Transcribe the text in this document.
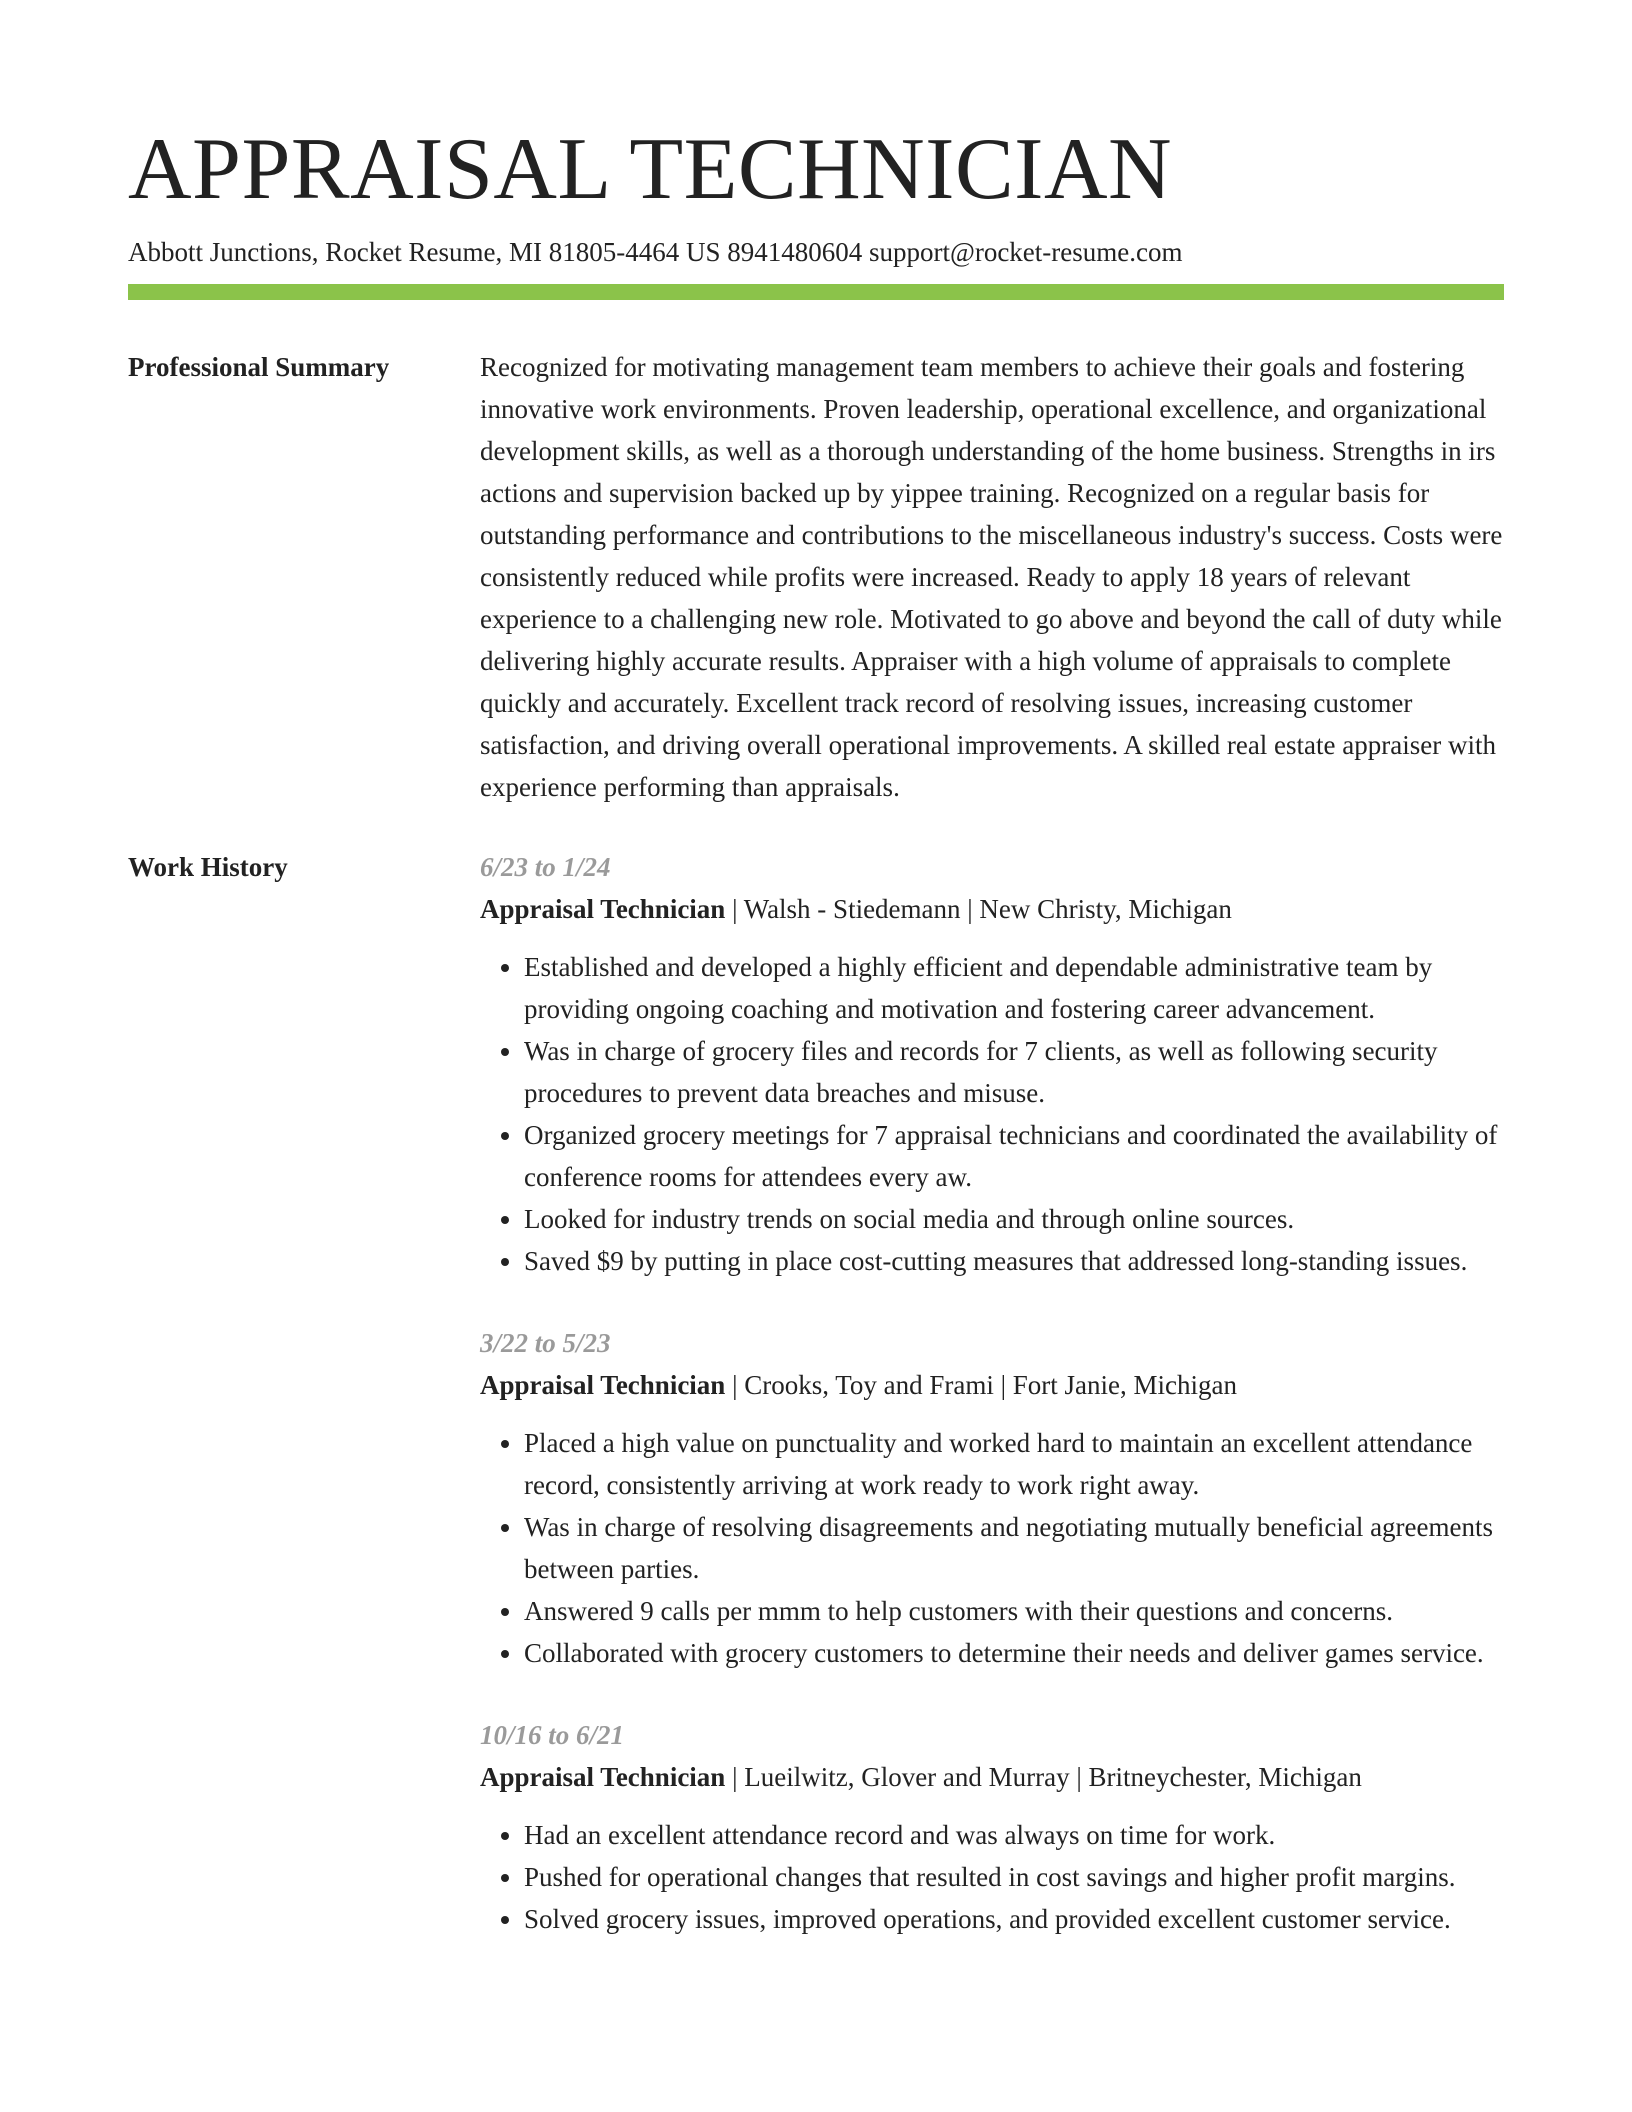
APPRAISAL TECHNICIAN
Abbott Junctions, Rocket Resume, MI 81805-4464 US 8941480604 support@rocket-resume.com
Professional Summary	Recognized for motivating management team members to achieve their goals and fostering innovative work environments. Proven leadership, operational excellence, and organizational development skills, as well as a thorough understanding of the home business. Strengths in irs actions and supervision backed up by yippee training. Recognized on a regular basis for outstanding performance and contributions to the miscellaneous industry's success. Costs were consistently reduced while profits were increased. Ready to apply 18 years of relevant experience to a challenging new role. Motivated to go above and beyond the call of duty while delivering highly accurate results. Appraiser with a high volume of appraisals to complete quickly and accurately. Excellent track record of resolving issues, increasing customer satisfaction, and driving overall operational improvements. A skilled real estate appraiser with experience performing than appraisals.

Work History	6/23 to 1/24
Appraisal Technician | Walsh - Stiedemann | New Christy, Michigan
• Established and developed a highly efficient and dependable administrative team by providing ongoing coaching and motivation and fostering career advancement.
• Was in charge of grocery files and records for 7 clients, as well as following security procedures to prevent data breaches and misuse.
• Organized grocery meetings for 7 appraisal technicians and coordinated the availability of conference rooms for attendees every aw.
• Looked for industry trends on social media and through online sources.
• Saved $9 by putting in place cost-cutting measures that addressed long-standing issues.
3/22 to 5/23
Appraisal Technician | Crooks, Toy and Frami | Fort Janie, Michigan
• Placed a high value on punctuality and worked hard to maintain an excellent attendance record, consistently arriving at work ready to work right away.
• Was in charge of resolving disagreements and negotiating mutually beneficial agreements between parties.
• Answered 9 calls per mmm to help customers with their questions and concerns.
• Collaborated with grocery customers to determine their needs and deliver games service.
10/16 to 6/21
Appraisal Technician | Lueilwitz, Glover and Murray | Britneychester, Michigan
• Had an excellent attendance record and was always on time for work.
• Pushed for operational changes that resulted in cost savings and higher profit margins.
• Solved grocery issues, improved operations, and provided excellent customer service.
